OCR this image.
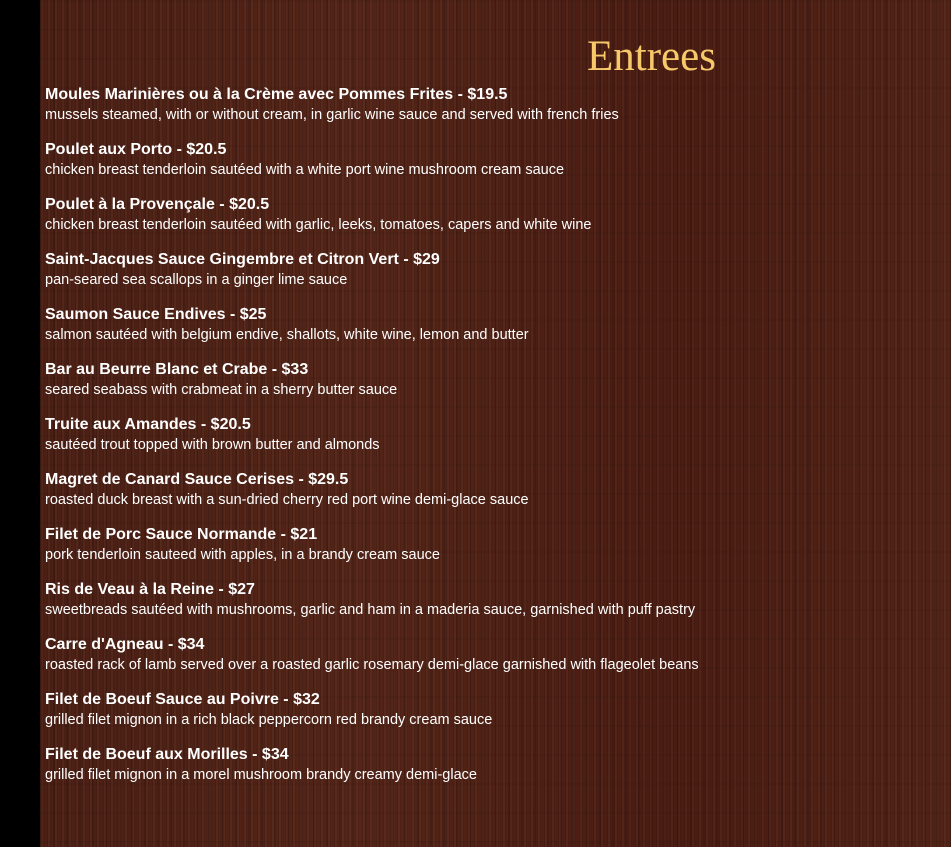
Entrees
Moules Marinières ou à la Crème avec Pommes Frites - $19.5
mussels steamed, with or without cream, in garlic wine sauce and served with french fries
Poulet aux Porto - $20.5
chicken breast tenderloin sautéed with a white port wine mushroom cream sauce
Poulet à la Provençale - $20.5
chicken breast tenderloin sautéed with garlic, leeks, tomatoes, capers and white wine
Saint-Jacques Sauce Gingembre et Citron Vert - $29
pan-seared sea scallops in a ginger lime sauce
Saumon Sauce Endives - $25
salmon sautéed with belgium endive, shallots, white wine, lemon and butter
Bar au Beurre Blanc et Crabe - $33
seared seabass with crabmeat in a sherry butter sauce
Truite aux Amandes - $20.5
sautéed trout topped with brown butter and almonds
Magret de Canard Sauce Cerises - $29.5
roasted duck breast with a sun-dried cherry red port wine demi-glace sauce
Filet de Porc Sauce Normande - $21
pork tenderloin sauteed with apples, in a brandy cream sauce
Ris de Veau à la Reine - $27
sweetbreads sautéed with mushrooms, garlic and ham in a maderia sauce, garnished with puff pastry
Carre d'Agneau - $34
roasted rack of lamb served over a roasted garlic rosemary demi-glace garnished with flageolet beans
Filet de Boeuf Sauce au Poivre - $32
grilled filet mignon in a rich black peppercorn red brandy cream sauce
Filet de Boeuf aux Morilles - $34
grilled filet mignon in a morel mushroom brandy creamy demi-glace
